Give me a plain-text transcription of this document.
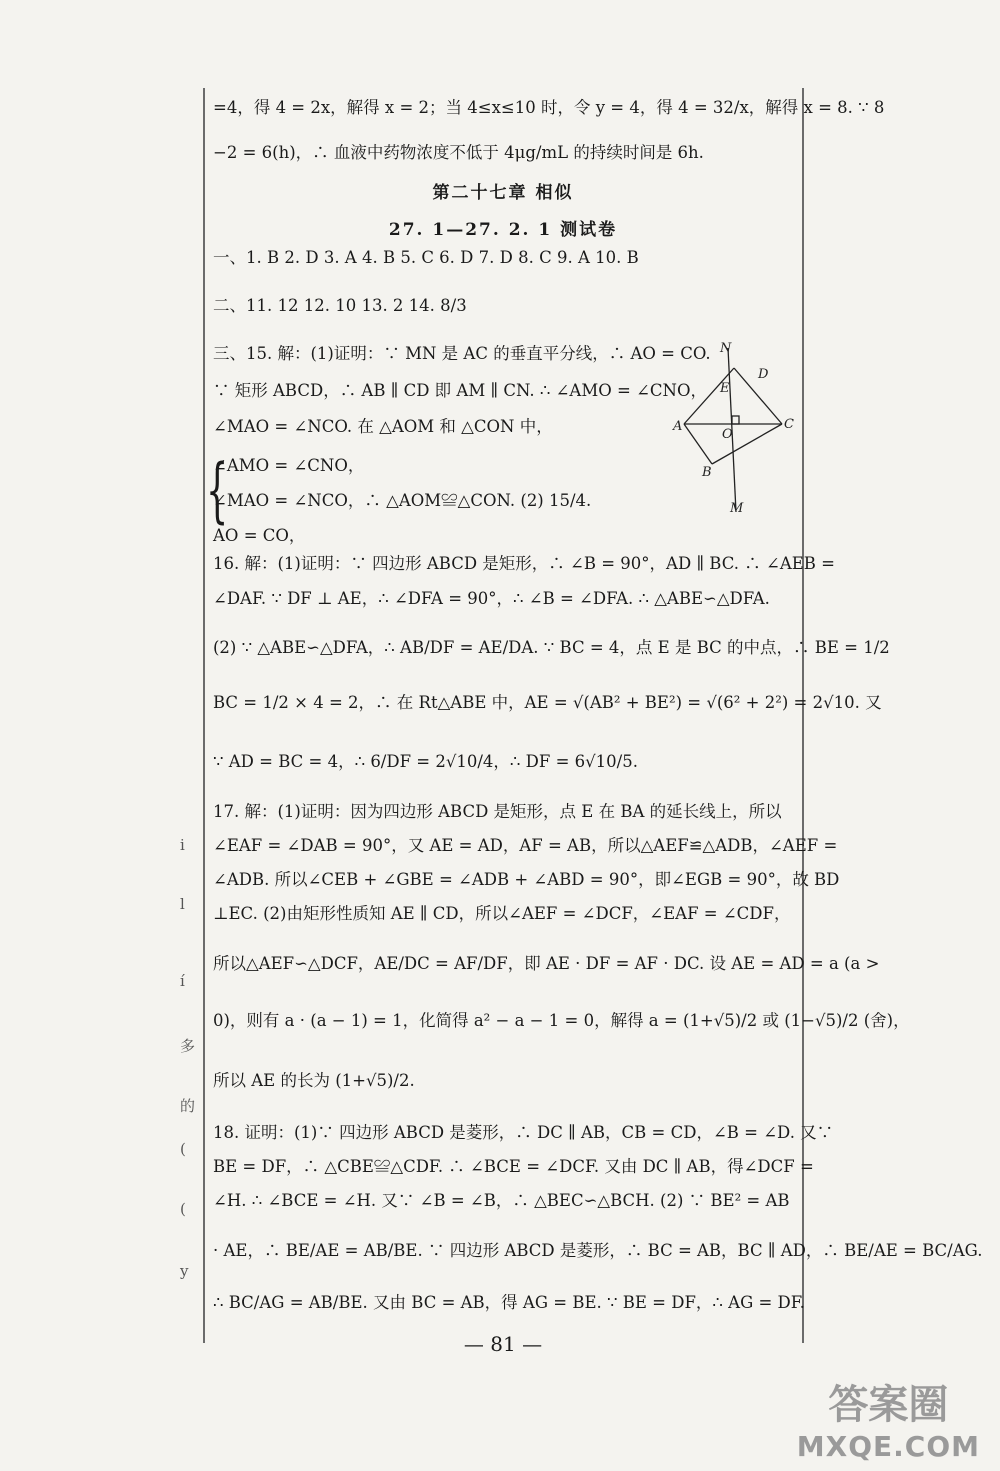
=4，得 4 = 2x，解得 x = 2；当 4≤x≤10 时，令 y = 4，得 4 = 32/x，解得 x = 8. ∵ 8
−2 = 6(h)，∴ 血液中药物浓度不低于 4μg/mL 的持续时间是 6h.
第二十七章 相似
27. 1—27. 2. 1 测试卷
一、1. B 2. D 3. A 4. B 5. C 6. D 7. D 8. C 9. A 10. B
二、11. 12 12. 10 13. 2 14. 8/3
三、15. 解：(1)证明：∵ MN 是 AC 的垂直平分线，∴ AO = CO.
∵ 矩形 ABCD，∴ AB ∥ CD 即 AM ∥ CN. ∴ ∠AMO = ∠CNO，
∠MAO = ∠NCO. 在 △AOM 和 △CON 中，
{
∠AMO = ∠CNO，
∠MAO = ∠NCO，∴ △AOM≌△CON. (2) 15/4.
AO = CO，
16. 解：(1)证明：∵ 四边形 ABCD 是矩形，∴ ∠B = 90°，AD ∥ BC. ∴ ∠AEB =
∠DAF. ∵ DF ⊥ AE，∴ ∠DFA = 90°，∴ ∠B = ∠DFA. ∴ △ABE∽△DFA.
(2) ∵ △ABE∽△DFA，∴ AB/DF = AE/DA. ∵ BC = 4，点 E 是 BC 的中点，∴ BE = 1/2
BC = 1/2 × 4 = 2，∴ 在 Rt△ABE 中，AE = √(AB² + BE²) = √(6² + 2²) = 2√10. 又
∵ AD = BC = 4，∴ 6/DF = 2√10/4，∴ DF = 6√10/5.
17. 解：(1)证明：因为四边形 ABCD 是矩形，点 E 在 BA 的延长线上，所以
∠EAF = ∠DAB = 90°，又 AE = AD，AF = AB，所以△AEF≌△ADB，∠AEF =
∠ADB. 所以∠CEB + ∠GBE = ∠ADB + ∠ABD = 90°，即∠EGB = 90°，故 BD
⊥EC. (2)由矩形性质知 AE ∥ CD，所以∠AEF = ∠DCF，∠EAF = ∠CDF，
所以△AEF∽△DCF，AE/DC = AF/DF，即 AE · DF = AF · DC. 设 AE = AD = a (a >
0)，则有 a · (a − 1) = 1，化简得 a² − a − 1 = 0，解得 a = (1+√5)/2 或 (1−√5)/2 (舍)，
所以 AE 的长为 (1+√5)/2.
18. 证明：(1)∵ 四边形 ABCD 是菱形，∴ DC ∥ AB，CB = CD，∠B = ∠D. 又∵
BE = DF，∴ △CBE≌△CDF. ∴ ∠BCE = ∠DCF. 又由 DC ∥ AB，得∠DCF =
∠H. ∴ ∠BCE = ∠H. 又∵ ∠B = ∠B，∴ △BEC∽△BCH. (2) ∵ BE² = AB
· AE，∴ BE/AE = AB/BE. ∵ 四边形 ABCD 是菱形，∴ BC = AB，BC ∥ AD，∴ BE/AE = BC/AG.
∴ BC/AG = AB/BE. 又由 BC = AB，得 AG = BE. ∵ BE = DF，∴ AG = DF.
N
D
E
A
O
C
B
M
i
l
í
多
的
(
(
y
— 81 —
答案圈
MXQE.COM
